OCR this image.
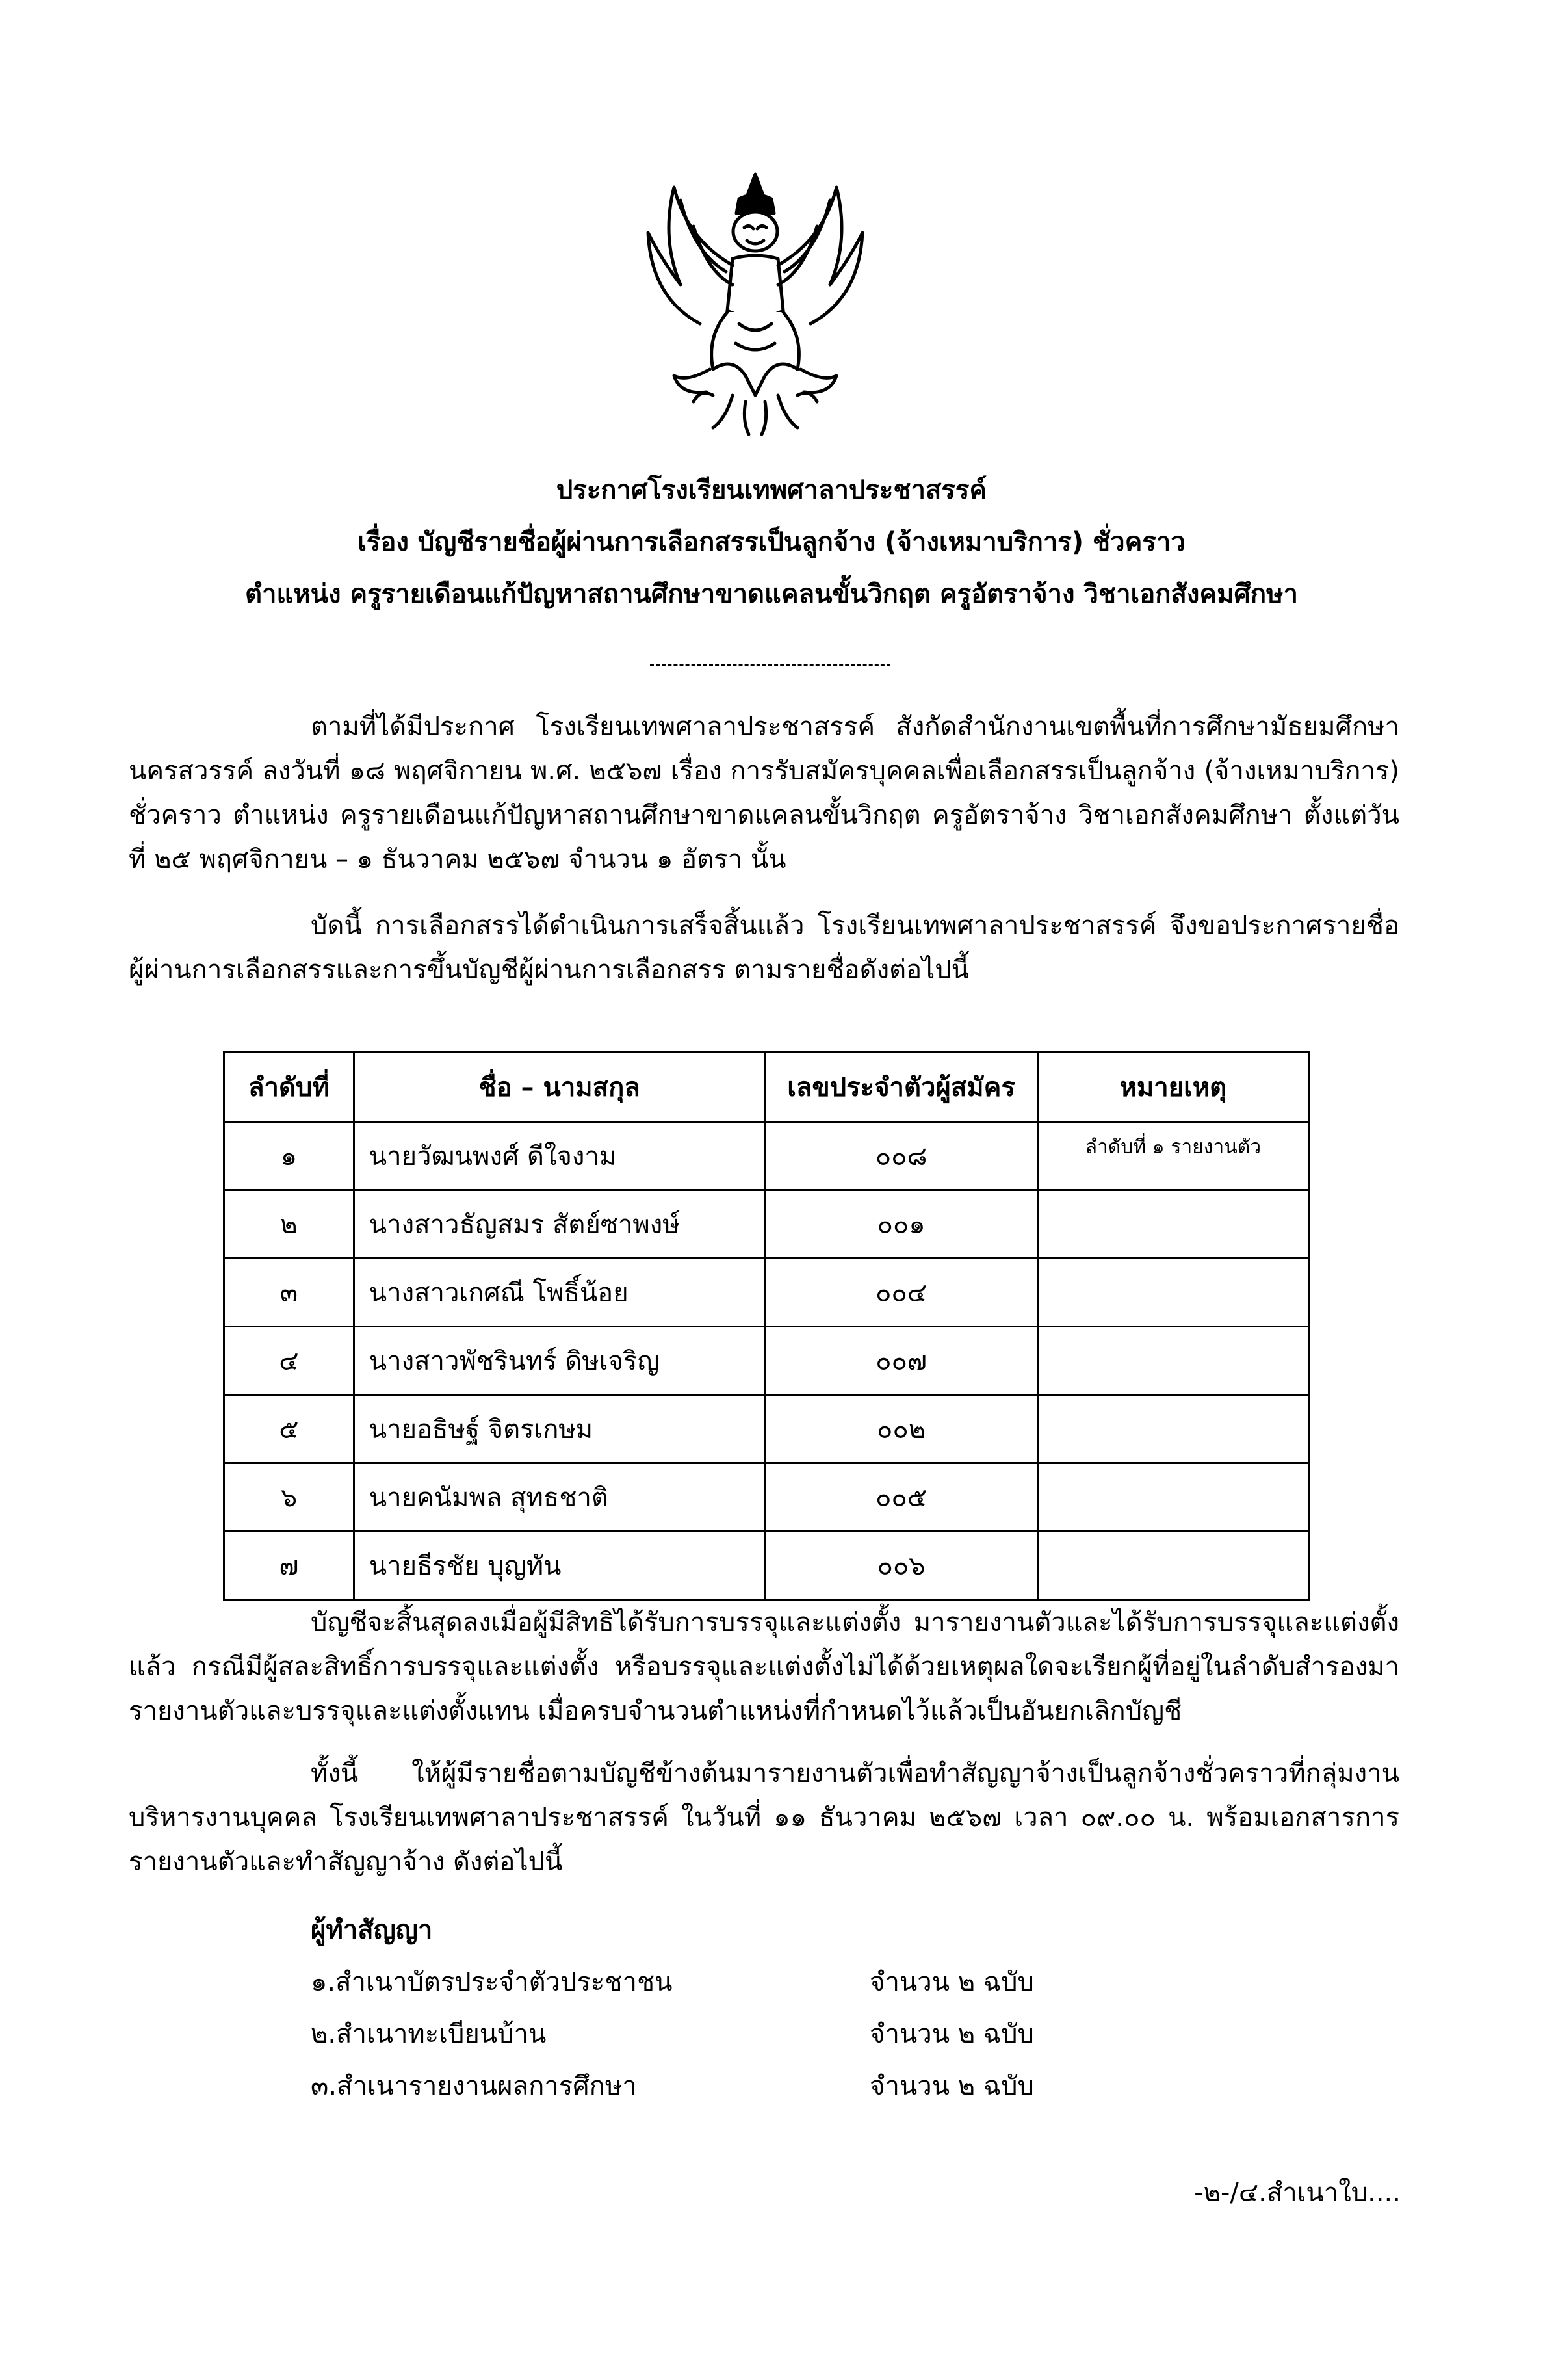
ประกาศโรงเรียนเทพศาลาประชาสรรค์
เรื่อง บัญชีรายชื่อผู้ผ่านการเลือกสรรเป็นลูกจ้าง (จ้างเหมาบริการ) ชั่วคราว
ตำแหน่ง ครูรายเดือนแก้ปัญหาสถานศึกษาขาดแคลนขั้นวิกฤต ครูอัตราจ้าง วิชาเอกสังคมศึกษา
ตามที่ได้มีประกาศ โรงเรียนเทพศาลาประชาสรรค์ สังกัดสำนักงานเขตพื้นที่การศึกษามัธยมศึกษานครสวรรค์ ลงวันที่ ๑๘ พฤศจิกายน พ.ศ. ๒๕๖๗ เรื่อง การรับสมัครบุคคลเพื่อเลือกสรรเป็นลูกจ้าง (จ้างเหมาบริการ) ชั่วคราว ตำแหน่ง ครูรายเดือนแก้ปัญหาสถานศึกษาขาดแคลนขั้นวิกฤต ครูอัตราจ้าง วิชาเอกสังคมศึกษา ตั้งแต่วันที่ ๒๕ พฤศจิกายน – ๑ ธันวาคม ๒๕๖๗ จำนวน ๑ อัตรา นั้น
บัดนี้ การเลือกสรรได้ดำเนินการเสร็จสิ้นแล้ว โรงเรียนเทพศาลาประชาสรรค์ จึงขอประกาศรายชื่อผู้ผ่านการเลือกสรรและการขึ้นบัญชีผู้ผ่านการเลือกสรร ตามรายชื่อดังต่อไปนี้
ลำดับที่	ชื่อ – นามสกุล	เลขประจำตัวผู้สมัคร	หมายเหตุ
๑	นายวัฒนพงศ์ ดีใจงาม	๐๐๘	ลำดับที่ ๑ รายงานตัว
๒	นางสาวธัญสมร สัตย์ซาพงษ์	๐๐๑	
๓	นางสาวเกศณี โพธิ์น้อย	๐๐๔	
๔	นางสาวพัชรินทร์ ดิษเจริญ	๐๐๗	
๕	นายอธิษฐ์ จิตรเกษม	๐๐๒	
๖	นายคนัมพล สุทธชาติ	๐๐๕	
๗	นายธีรชัย บุญทัน	๐๐๖	
บัญชีจะสิ้นสุดลงเมื่อผู้มีสิทธิได้รับการบรรจุและแต่งตั้ง มารายงานตัวและได้รับการบรรจุและแต่งตั้งแล้ว กรณีมีผู้สละสิทธิ์การบรรจุและแต่งตั้ง หรือบรรจุและแต่งตั้งไม่ได้ด้วยเหตุผลใดจะเรียกผู้ที่อยู่ในลำดับสำรองมารายงานตัวและบรรจุและแต่งตั้งแทน เมื่อครบจำนวนตำแหน่งที่กำหนดไว้แล้วเป็นอันยกเลิกบัญชี
ทั้งนี้ ให้ผู้มีรายชื่อตามบัญชีข้างต้นมารายงานตัวเพื่อทำสัญญาจ้างเป็นลูกจ้างชั่วคราวที่กลุ่มงานบริหารงานบุคคล โรงเรียนเทพศาลาประชาสรรค์ ในวันที่ ๑๑ ธันวาคม ๒๕๖๗ เวลา ๐๙.๐๐ น. พร้อมเอกสารการรายงานตัวและทำสัญญาจ้าง ดังต่อไปนี้
ผู้ทำสัญญา
๑.สำเนาบัตรประจำตัวประชาชน	จำนวน ๒ ฉบับ
๒.สำเนาทะเบียนบ้าน	จำนวน ๒ ฉบับ
๓.สำเนารายงานผลการศึกษา	จำนวน ๒ ฉบับ
-๒-/๔.สำเนาใบ....
